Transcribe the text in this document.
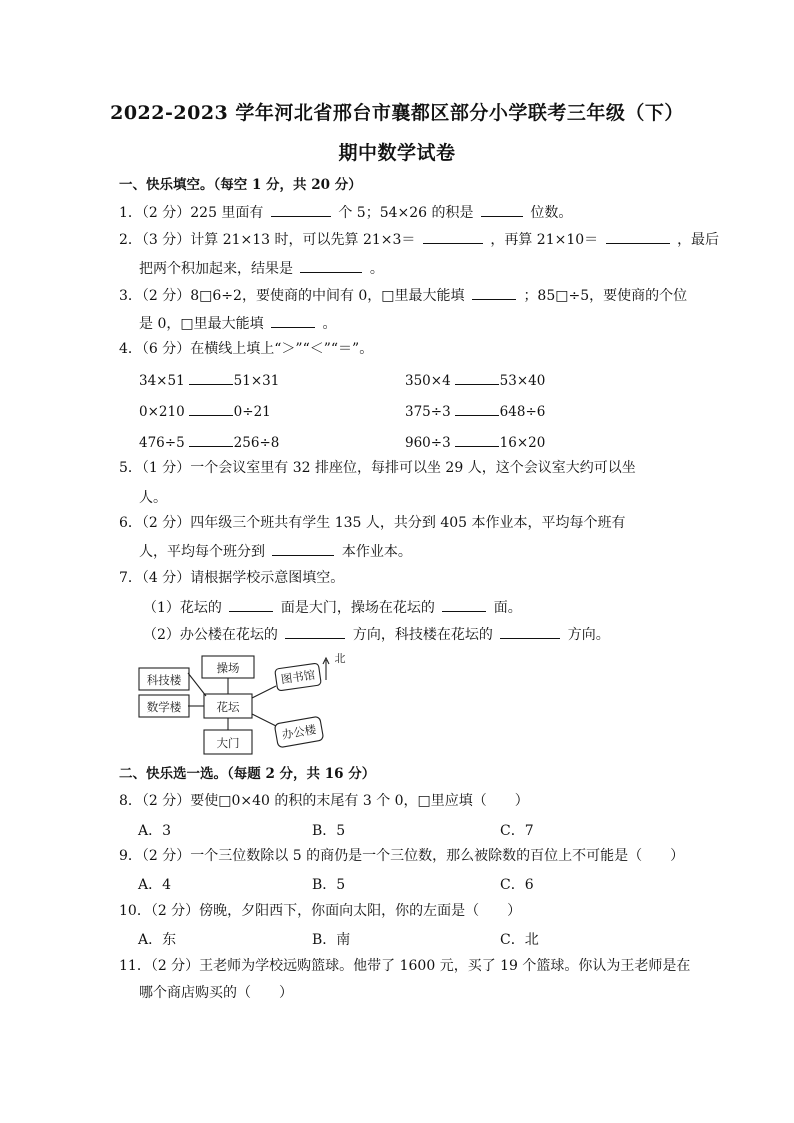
2022-2023 学年河北省邢台市襄都区部分小学联考三年级（下）
期中数学试卷
一、快乐填空。（每空 1 分，共 20 分）
1．（2 分）225 里面有	个 5；54×26 的积是	位数。
2．（3 分）计算 21×13 时，可以先算 21×3＝	，再算 21×10＝	，最后
把两个积加起来，结果是	。
3．（2 分）8□6÷2，要使商的中间有 0，□里最大能填	；85□÷5，要使商的个位
是 0，□里最大能填	。
4．（6 分）在横线上填上“＞”“＜”“＝”。
34×51	51×31	350×4	53×40
0×210	0÷21	375÷3	648÷6
476÷5	256÷8	960÷3	16×20
5．（1 分）一个会议室里有 32 排座位，每排可以坐 29 人，这个会议室大约可以坐
人。
6．（2 分）四年级三个班共有学生 135 人，共分到 405 本作业本，平均每个班有
人，平均每个班分到	本作业本。
7．（4 分）请根据学校示意图填空。
（1）花坛的	面是大门，操场在花坛的	面。
（2）办公楼在花坛的	方向，科技楼在花坛的	方向。
操场
科技楼
数学楼	花坛
大门
图书馆
办公楼
北
二、快乐选一选。（每题 2 分，共 16 分）
8．（2 分）要使□0×40 的积的末尾有 3 个 0，□里应填（　　）
A．3	B．5	C．7
9．（2 分）一个三位数除以 5 的商仍是一个三位数，那么被除数的百位上不可能是（　　）
A．4	B．5	C．6
10．（2 分）傍晚，夕阳西下，你面向太阳，你的左面是（　　）
A．东	B．南	C．北
11．（2 分）王老师为学校远购篮球。他带了 1600 元，买了 19 个篮球。你认为王老师是在
哪个商店购买的（　　）
